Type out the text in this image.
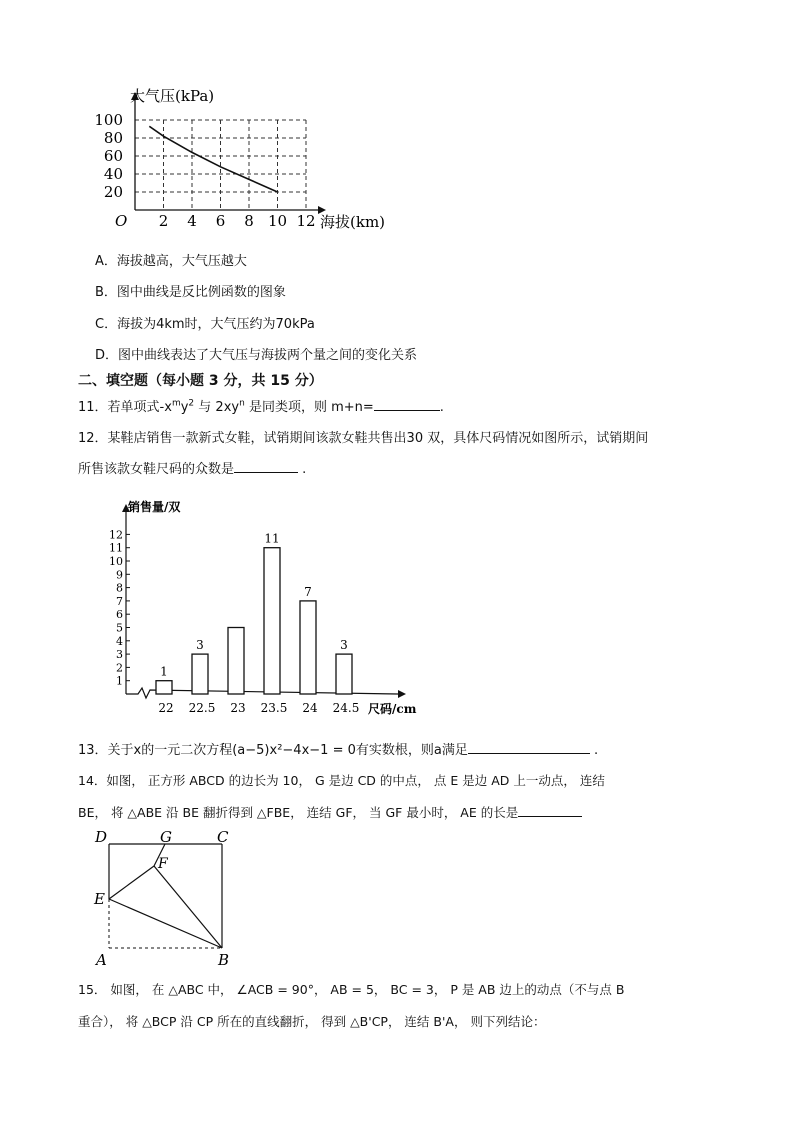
2 4 6 8 10 12
20
40
60
80
100
大气压(kPa)
海拔(km)
O
A．海拔越高，大气压越大
B．图中曲线是反比例函数的图象
C．海拔为4km时，大气压约为70kPa
D．图中曲线表达了大气压与海拔两个量之间的变化关系
二、填空题（每小题 3 分，共 15 分）
11．若单项式$-x^my^2$ 与 $2xy^n$ 是同类项，则 m+n=	.
12．某鞋店销售一款新式女鞋，试销期间该款女鞋共售出30 双，具体尺码情况如图所示，试销期间
所售该款女鞋尺码的众数是	.
1
2
3
4
5
6
7
8
9
10
11
12
22 22.5 23 23.5 24 24.5
1
3
11
7
3
销售量/双
尺码/cm
13．关于x的一元二次方程(a−5)x²−4x−1 = 0有实数根，则a满足	.
14．如图， 正方形 ABCD 的边长为 10， G 是边 CD 的中点， 点 E 是边 AD 上一动点， 连结
BE， 将 △ABE 沿 BE 翻折得到 △FBE， 连结 GF， 当 GF 最小时， AE 的长是
D	G	C
F
E
A	B
15． 如图， 在 △ABC 中， ∠ACB = 90°， AB = 5， BC = 3， P 是 AB 边上的动点（不与点 B
重合）， 将 △BCP 沿 CP 所在的直线翻折， 得到 △B'CP， 连结 B'A， 则下列结论：
